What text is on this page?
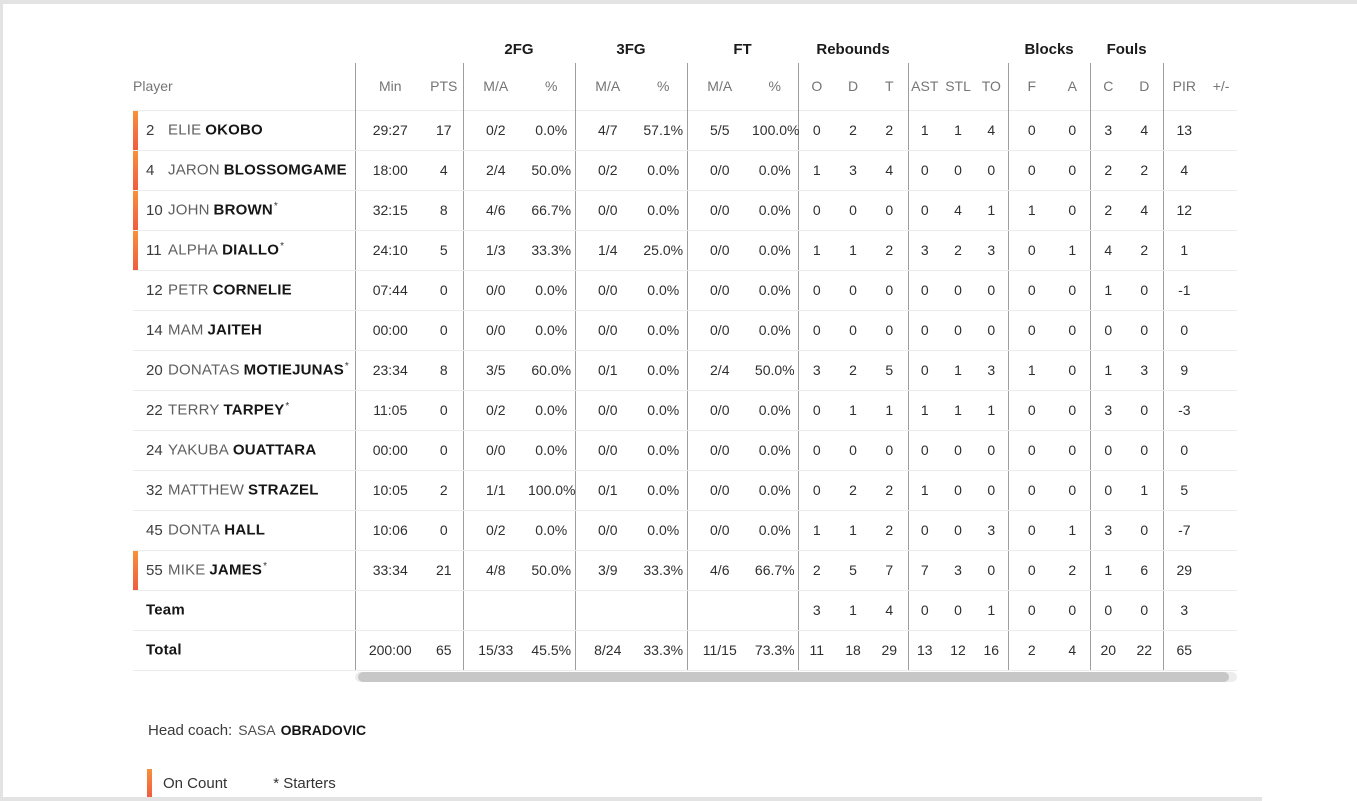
			2FG		3FG		FT		Rebounds						Blocks		Fouls			
Player	Min	PTS	M/A	%	M/A	%	M/A	%	O	D	T	AST	STL	TO	F	A	C	D	PIR	+/-

2 ELIE OKOBO	29:27	17	0/2	0.0%	4/7	57.1%	5/5	100.0%	0	2	2	1	1	4	0	0	3	4	13	

4 JARON BLOSSOMGAME	18:00	4	2/4	50.0%	0/2	0.0%	0/0	0.0%	1	3	4	0	0	0	0	0	2	2	4	

10 JOHN BROWN*	32:15	8	4/6	66.7%	0/0	0.0%	0/0	0.0%	0	0	0	0	4	1	1	0	2	4	12	

11 ALPHA DIALLO*	24:10	5	1/3	33.3%	1/4	25.0%	0/0	0.0%	1	1	2	3	2	3	0	1	4	2	1	
12 PETR CORNELIE	07:44	0	0/0	0.0%	0/0	0.0%	0/0	0.0%	0	0	0	0	0	0	0	0	1	0	-1	
14 MAM JAITEH	00:00	0	0/0	0.0%	0/0	0.0%	0/0	0.0%	0	0	0	0	0	0	0	0	0	0	0	
20 DONATAS MOTIEJUNAS*	23:34	8	3/5	60.0%	0/1	0.0%	2/4	50.0%	3	2	5	0	1	3	1	0	1	3	9	
22 TERRY TARPEY*	11:05	0	0/2	0.0%	0/0	0.0%	0/0	0.0%	0	1	1	1	1	1	0	0	3	0	-3	
24 YAKUBA OUATTARA	00:00	0	0/0	0.0%	0/0	0.0%	0/0	0.0%	0	0	0	0	0	0	0	0	0	0	0	
32 MATTHEW STRAZEL	10:05	2	1/1	100.0%	0/1	0.0%	0/0	0.0%	0	2	2	1	0	0	0	0	0	1	5	
45 DONTA HALL	10:06	0	0/2	0.0%	0/0	0.0%	0/0	0.0%	1	1	2	0	0	3	0	1	3	0	-7	

55 MIKE JAMES*	33:34	21	4/8	50.0%	3/9	33.3%	4/6	66.7%	2	5	7	7	3	0	0	2	1	6	29	
Team									3	1	4	0	0	1	0	0	0	0	3	
Total	200:00	65	15/33	45.5%	8/24	33.3%	11/15	73.3%	11	18	29	13	12	16	2	4	20	22	65	
Head coach: SASA OBRADOVIC
On Count	* Starters
